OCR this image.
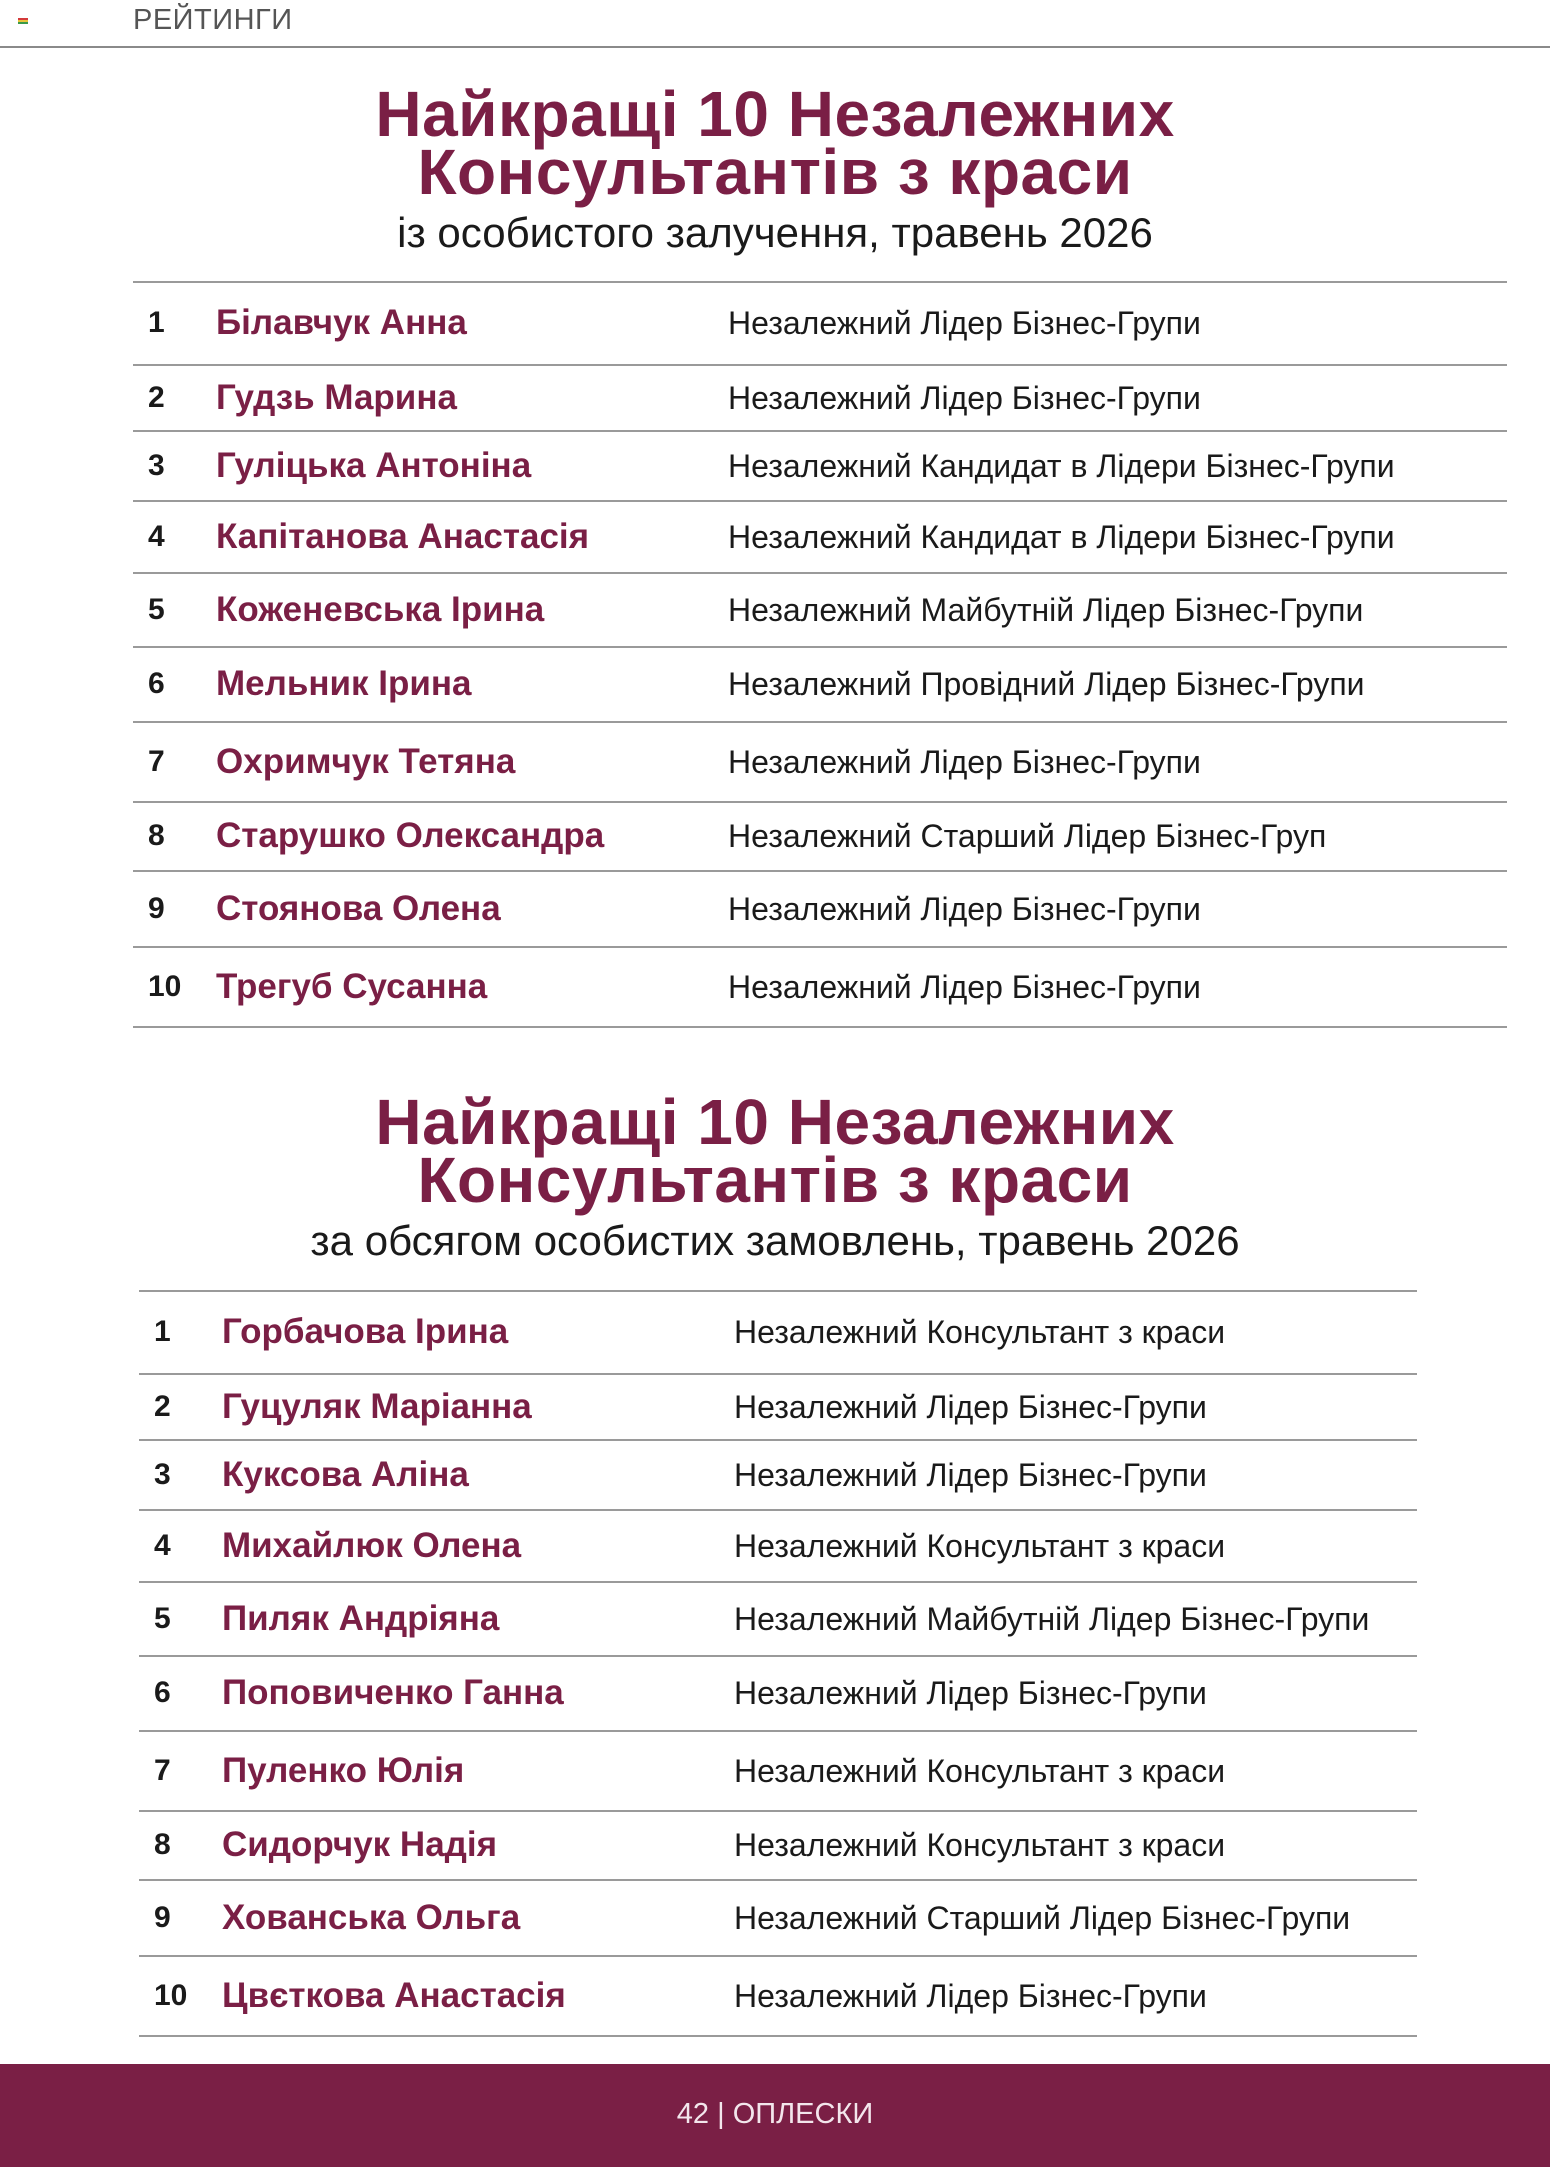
РЕЙТИНГИ
Найкращі 10 Незалежних
Консультантів з краси
із особистого залучення, травень 2026
1 Білавчук Анна	Незалежний Лідер Бізнес-Групи
2 Гудзь Марина	Незалежний Лідер Бізнес-Групи
3 Гуліцька Антоніна	Незалежний Кандидат в Лідери Бізнес-Групи
4 Капітанова Анастасія	Незалежний Кандидат в Лідери Бізнес-Групи
5 Коженевська Ірина	Незалежний Майбутній Лідер Бізнес-Групи
6 Мельник Ірина	Незалежний Провідний Лідер Бізнес-Групи
7 Охримчук Тетяна	Незалежний Лідер Бізнес-Групи
8 Старушко Олександра	Незалежний Старший Лідер Бізнес-Груп
9 Стоянова Олена	Незалежний Лідер Бізнес-Групи
10 Трегуб Сусанна	Незалежний Лідер Бізнес-Групи
Найкращі 10 Незалежних
Консультантів з краси
за обсягом особистих замовлень, травень 2026
1 Горбачова Ірина	Незалежний Консультант з краси
2 Гуцуляк Маріанна	Незалежний Лідер Бізнес-Групи
3 Куксова Аліна	Незалежний Лідер Бізнес-Групи
4 Михайлюк Олена	Незалежний Консультант з краси
5 Пиляк Андріяна	Незалежний Майбутній Лідер Бізнес-Групи
6 Поповиченко Ганна	Незалежний Лідер Бізнес-Групи
7 Пуленко Юлія	Незалежний Консультант з краси
8 Сидорчук Надія	Незалежний Консультант з краси
9 Хованська Ольга	Незалежний Старший Лідер Бізнес-Групи
10 Цвєткова Анастасія	Незалежний Лідер Бізнес-Групи
42 | ОПЛЕСКИ
